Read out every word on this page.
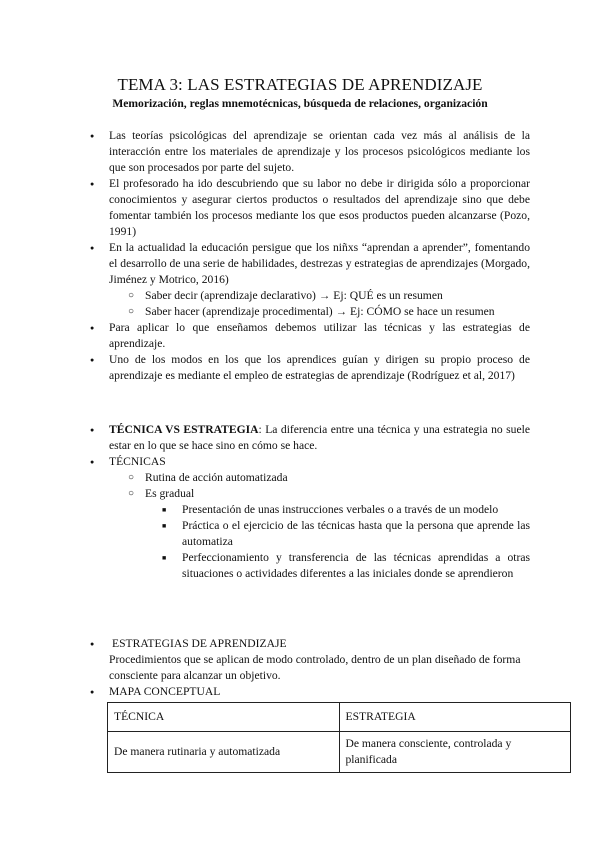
TEMA 3: LAS ESTRATEGIAS DE APRENDIZAJE
Memorización, reglas mnemotécnicas, búsqueda de relaciones, organización
● Las teorías psicológicas del aprendizaje se orientan cada vez más al análisis de la interacción entre los materiales de aprendizaje y los procesos psicológicos mediante los que son procesados por parte del sujeto.
● El profesorado ha ido descubriendo que su labor no debe ir dirigida sólo a proporcionar conocimientos y asegurar ciertos productos o resultados del aprendizaje sino que debe fomentar también los procesos mediante los que esos productos pueden alcanzarse (Pozo, 1991)
● En la actualidad la educación persigue que los niñxs “aprendan a aprender”, fomentando el desarrollo de una serie de habilidades, destrezas y estrategias de aprendizajes (Morgado, Jiménez y Motrico, 2016)
○ Saber decir (aprendizaje declarativo) → Ej: QUÉ es un resumen
○ Saber hacer (aprendizaje procedimental) → Ej: CÓMO se hace un resumen
● Para aplicar lo que enseñamos debemos utilizar las técnicas y las estrategias de aprendizaje.
● Uno de los modos en los que los aprendices guían y dirigen su propio proceso de aprendizaje es mediante el empleo de estrategias de aprendizaje (Rodríguez et al, 2017)
● TÉCNICA VS ESTRATEGIA: La diferencia entre una técnica y una estrategia no suele estar en lo que se hace sino en cómo se hace.
● TÉCNICAS
○ Rutina de acción automatizada
○ Es gradual
■ Presentación de unas instrucciones verbales o a través de un modelo
■ Práctica o el ejercicio de las técnicas hasta que la persona que aprende las automatiza
■ Perfeccionamiento y transferencia de las técnicas aprendidas a otras situaciones o actividades diferentes a las iniciales donde se aprendieron
● ESTRATEGIAS DE APRENDIZAJE
Procedimientos que se aplican de modo controlado, dentro de un plan diseñado de forma consciente para alcanzar un objetivo.
● MAPA CONCEPTUAL
TÉCNICA	ESTRATEGIA
De manera rutinaria y automatizada	De manera consciente, controlada y planificada
